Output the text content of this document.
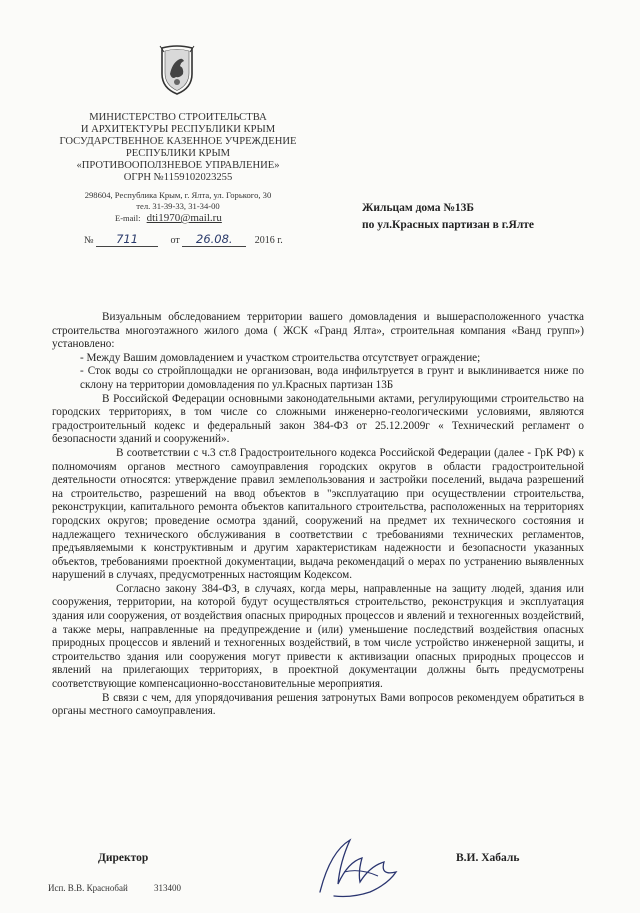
МИНИСТЕРСТВО СТРОИТЕЛЬСТВА
И АРХИТЕКТУРЫ РЕСПУБЛИКИ КРЫМ
ГОСУДАРСТВЕННОЕ КАЗЕННОЕ УЧРЕЖДЕНИЕ
РЕСПУБЛИКИ КРЫМ
«ПРОТИВООПОЛЗНЕВОЕ УПРАВЛЕНИЕ»
ОГРН №1159102023255
298604, Республика Крым, г. Ялта, ул. Горького, 30
тел. 31-39-33, 31-34-00
E-mail: dti1970@mail.ru
№ 711	от 26.08. 2016 г.
Жильцам дома №13Б
по ул.Красных партизан в г.Ялте

Визуальным обследованием территории вашего домовладения и вышерасположенного участка строительства многоэтажного жилого дома ( ЖСК «Гранд Ялта», строительная компания «Ванд групп») установлено:

- Между Вашим домовладением и участком строительства отсутствует ограждение;

- Сток воды со стройплощадки не организован, вода инфильтруется в грунт и выклинивается ниже по склону на территории домовладения по ул.Красных партизан 13Б

В Российской Федерации основными законодательными актами, регулирующими строительство на городских территориях, в том числе со сложными инженерно-геологическими условиями, являются градостроительный кодекс и федеральный закон 384-ФЗ от 25.12.2009г « Технический регламент о безопасности зданий и сооружений».

В соответствии с ч.3 ст.8 Градостроительного кодекса Российской Федерации (далее - ГрК РФ) к полномочиям органов местного самоуправления городских округов в области градостроительной деятельности относятся: утверждение правил землепользования и застройки поселений, выдача разрешений на строительство, разрешений на ввод объектов в "эксплуатацию при осуществлении строительства, реконструкции, капитального ремонта объектов капитального строительства, расположенных на территориях городских округов; проведение осмотра зданий, сооружений на предмет их технического состояния и надлежащего технического обслуживания в соответствии с требованиями технических регламентов, предъявляемыми к конструктивным и другим характеристикам надежности и безопасности указанных объектов, требованиями проектной документации, выдача рекомендаций о мерах по устранению выявленных нарушений в случаях, предусмотренных настоящим Кодексом.

Согласно закону 384-ФЗ, в случаях, когда меры, направленные на защиту людей, здания или сооружения, территории, на которой будут осуществляться строительство, реконструкция и эксплуатация здания или сооружения, от воздействия опасных природных процессов и явлений и техногенных воздействий, а также меры, направленные на предупреждение и (или) уменьшение последствий воздействия опасных природных процессов и явлений и техногенных воздействий, в том числе устройство инженерной защиты, и строительство здания или сооружения могут привести к активизации опасных природных процессов и явлений на прилегающих территориях, в проектной документации должны быть предусмотрены соответствующие компенсационно-восстановительные мероприятия.

В связи с чем, для упорядочивания решения затронутых Вами вопросов рекомендуем обратиться в органы местного самоуправления.

Директор	В.И. Хабаль
Исп. В.В. Краснобай	313400
